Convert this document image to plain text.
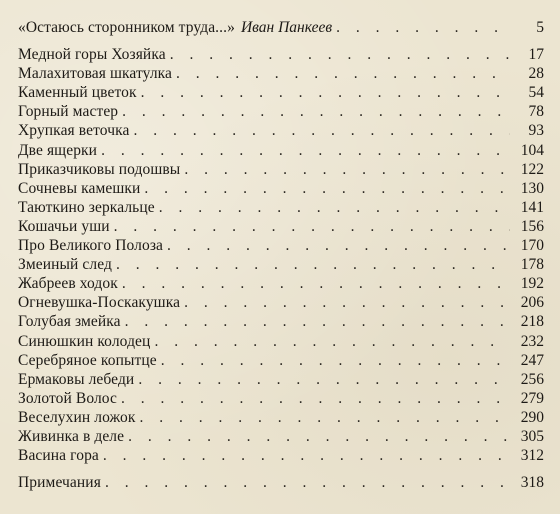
«Остаюсь сторонником труда...» Иван Панкеев . . .	5
Медной горы Хозяйка . . .	17
Малахитовая шкатулка . . .	28
Каменный цветок . . .	54
Горный мастер . . .	78
Хрупкая веточка . . .	93
Две ящерки . . .	104
Приказчиковы подошвы . . .	122
Сочневы камешки . . .	130
Таюткино зеркальце . . .	141
Кошачьи уши . . .	156
Про Великого Полоза . . .	170
Змеиный след . . .	178
Жабреев ходок . . .	192
Огневушка-Поскакушка . . .	206
Голубая змейка . . .	218
Синюшкин колодец . . .	232
Серебряное копытце . . .	247
Ермаковы лебеди . . .	256
Золотой Волос . . .	279
Веселухин ложок . . .	290
Живинка в деле . . .	305
Васина гора . . .	312
Примечания . . .	318
